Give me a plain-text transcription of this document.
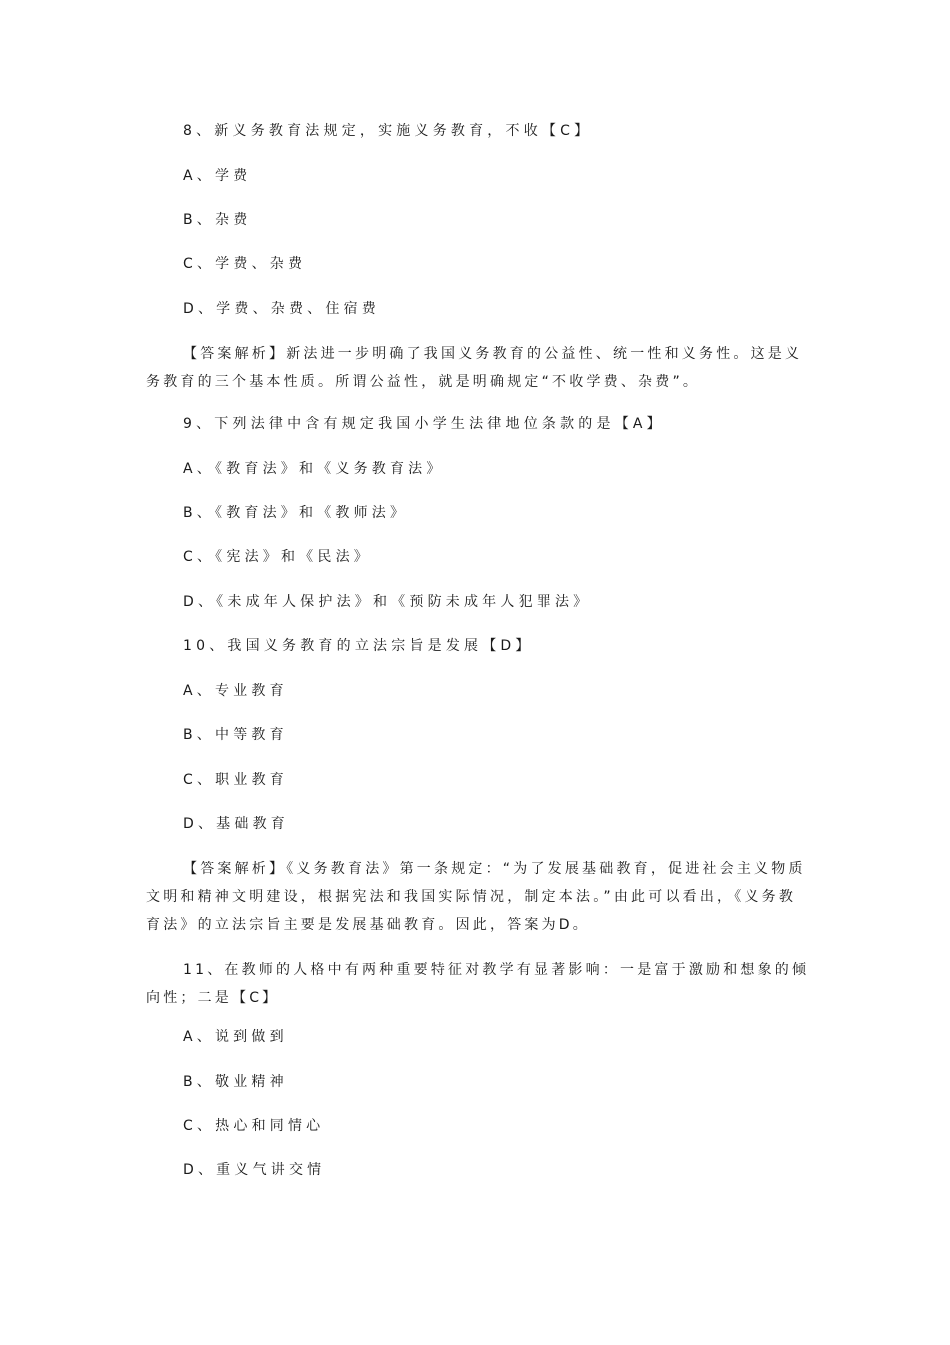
8、新义务教育法规定，实施义务教育，不收【C】
A、学费
B、杂费
C、学费、杂费
D、学费、杂费、住宿费
【答案解析】新法进一步明确了我国义务教育的公益性、统一性和义务性。这是义务教育的三个基本性质。所谓公益性，就是明确规定“不收学费、杂费”。
9、下列法律中含有规定我国小学生法律地位条款的是【A】
A、《教育法》和《义务教育法》
B、《教育法》和《教师法》
C、《宪法》和《民法》
D、《未成年人保护法》和《预防未成年人犯罪法》
10、我国义务教育的立法宗旨是发展【D】
A、专业教育
B、中等教育
C、职业教育
D、基础教育
【答案解析】《义务教育法》第一条规定：“为了发展基础教育，促进社会主义物质文明和精神文明建设，根据宪法和我国实际情况，制定本法。”由此可以看出，《义务教育法》的立法宗旨主要是发展基础教育。因此，答案为D。
11、在教师的人格中有两种重要特征对教学有显著影响：一是富于激励和想象的倾向性；二是【C】
A、说到做到
B、敬业精神
C、热心和同情心
D、重义气讲交情
